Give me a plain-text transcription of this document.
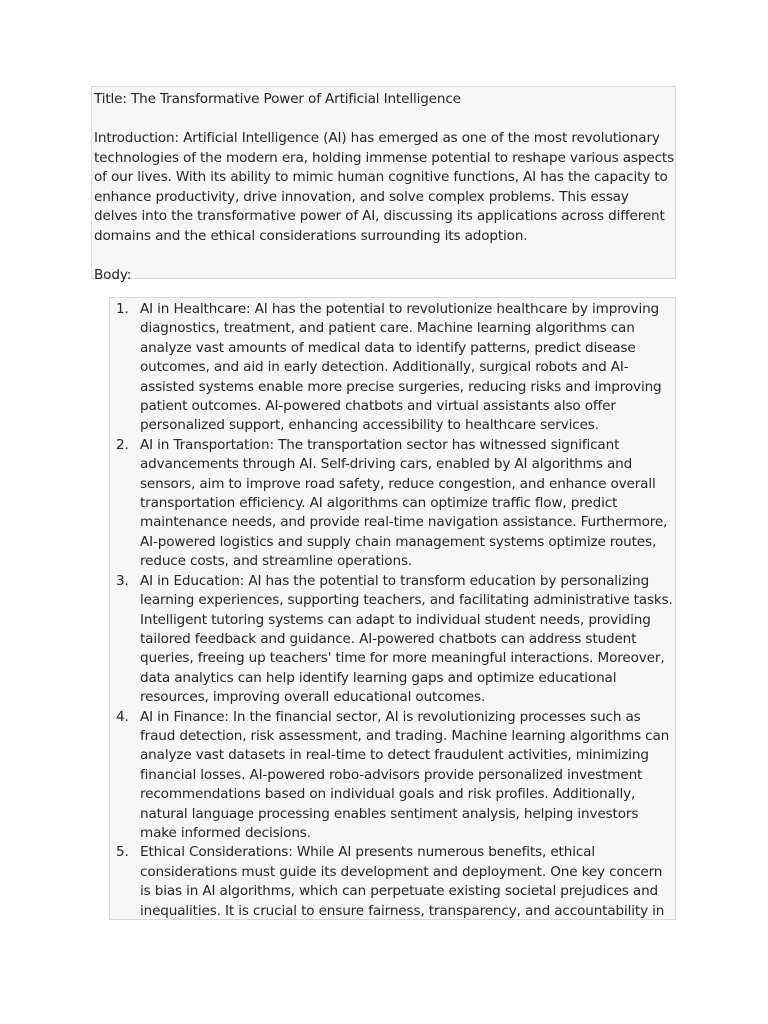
Title: The Transformative Power of Artificial Intelligence

Introduction: Artificial Intelligence (AI) has emerged as one of the most revolutionary technologies of the modern era, holding immense potential to reshape various aspects of our lives. With its ability to mimic human cognitive functions, AI has the capacity to enhance productivity, drive innovation, and solve complex problems. This essay delves into the transformative power of AI, discussing its applications across different domains and the ethical considerations surrounding its adoption.

Body:

1. AI in Healthcare: AI has the potential to revolutionize healthcare by improving diagnostics, treatment, and patient care. Machine learning algorithms can analyze vast amounts of medical data to identify patterns, predict disease outcomes, and aid in early detection. Additionally, surgical robots and AI-assisted systems enable more precise surgeries, reducing risks and improving patient outcomes. AI-powered chatbots and virtual assistants also offer personalized support, enhancing accessibility to healthcare services.
2. AI in Transportation: The transportation sector has witnessed significant advancements through AI. Self-driving cars, enabled by AI algorithms and sensors, aim to improve road safety, reduce congestion, and enhance overall transportation efficiency. AI algorithms can optimize traffic flow, predict maintenance needs, and provide real-time navigation assistance. Furthermore, AI-powered logistics and supply chain management systems optimize routes, reduce costs, and streamline operations.
3. AI in Education: AI has the potential to transform education by personalizing learning experiences, supporting teachers, and facilitating administrative tasks. Intelligent tutoring systems can adapt to individual student needs, providing tailored feedback and guidance. AI-powered chatbots can address student queries, freeing up teachers' time for more meaningful interactions. Moreover, data analytics can help identify learning gaps and optimize educational resources, improving overall educational outcomes.
4. AI in Finance: In the financial sector, AI is revolutionizing processes such as fraud detection, risk assessment, and trading. Machine learning algorithms can analyze vast datasets in real-time to detect fraudulent activities, minimizing financial losses. AI-powered robo-advisors provide personalized investment recommendations based on individual goals and risk profiles. Additionally, natural language processing enables sentiment analysis, helping investors make informed decisions.
5. Ethical Considerations: While AI presents numerous benefits, ethical considerations must guide its development and deployment. One key concern is bias in AI algorithms, which can perpetuate existing societal prejudices and inequalities. It is crucial to ensure fairness, transparency, and accountability in
